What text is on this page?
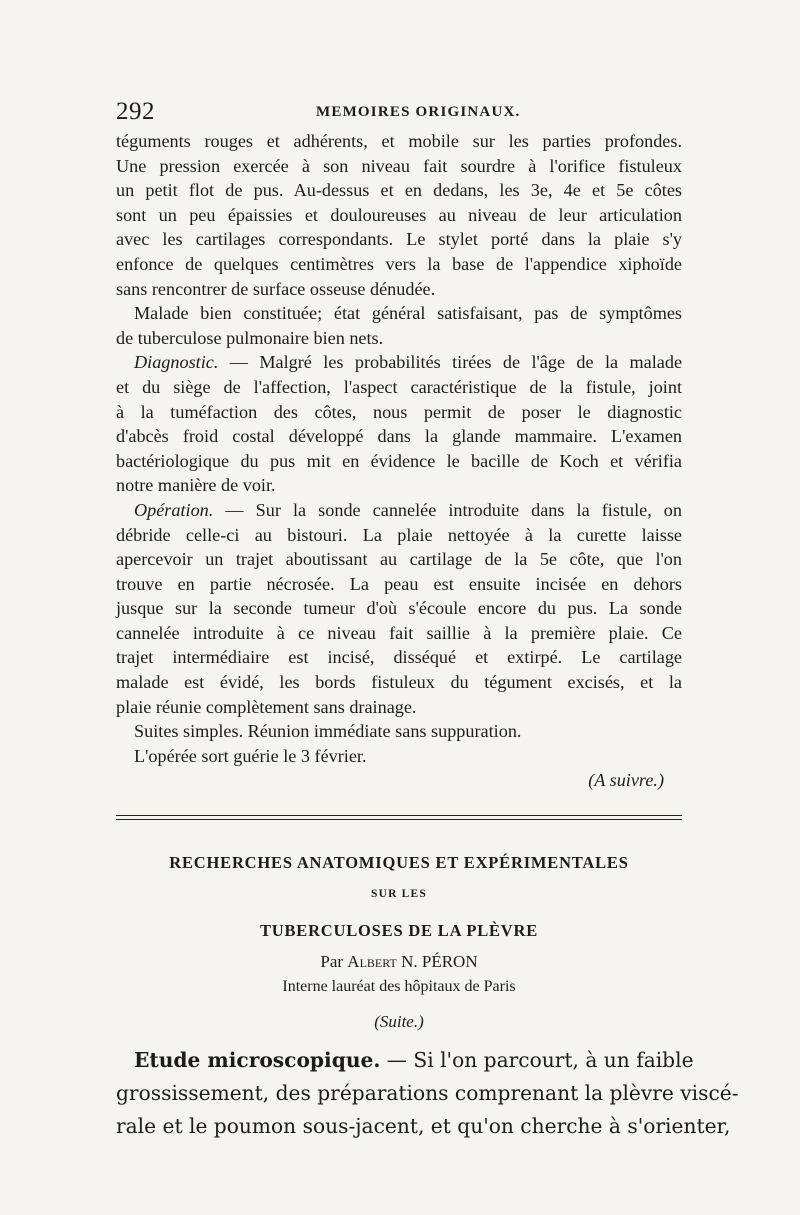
292	MEMOIRES ORIGINAUX.
téguments rouges et adhérents, et mobile sur les parties profondes.
Une pression exercée à son niveau fait sourdre à l'orifice fistuleux
un petit flot de pus. Au-dessus et en dedans, les 3e, 4e et 5e côtes
sont un peu épaissies et douloureuses au niveau de leur articulation
avec les cartilages correspondants. Le stylet porté dans la plaie s'y
enfonce de quelques centimètres vers la base de l'appendice xiphoïde
sans rencontrer de surface osseuse dénudée.
Malade bien constituée; état général satisfaisant, pas de symptômes
de tuberculose pulmonaire bien nets.
Diagnostic. — Malgré les probabilités tirées de l'âge de la malade
et du siège de l'affection, l'aspect caractéristique de la fistule, joint
à la tuméfaction des côtes, nous permit de poser le diagnostic
d'abcès froid costal développé dans la glande mammaire. L'examen
bactériologique du pus mit en évidence le bacille de Koch et vérifia
notre manière de voir.
Opération. — Sur la sonde cannelée introduite dans la fistule, on
débride celle-ci au bistouri. La plaie nettoyée à la curette laisse
apercevoir un trajet aboutissant au cartilage de la 5e côte, que l'on
trouve en partie nécrosée. La peau est ensuite incisée en dehors
jusque sur la seconde tumeur d'où s'écoule encore du pus. La sonde
cannelée introduite à ce niveau fait saillie à la première plaie. Ce
trajet intermédiaire est incisé, disséqué et extirpé. Le cartilage
malade est évidé, les bords fistuleux du tégument excisés, et la
plaie réunie complètement sans drainage.
Suites simples. Réunion immédiate sans suppuration.
L'opérée sort guérie le 3 février.
(A suivre.)
RECHERCHES ANATOMIQUES ET EXPÉRIMENTALES
SUR LES
TUBERCULOSES DE LA PLÈVRE
Par Albert N. PÉRON
Interne lauréat des hôpitaux de Paris
(Suite.)
Etude microscopique. — Si l'on parcourt, à un faible
grossissement, des préparations comprenant la plèvre viscé-
rale et le poumon sous-jacent, et qu'on cherche à s'orienter,
